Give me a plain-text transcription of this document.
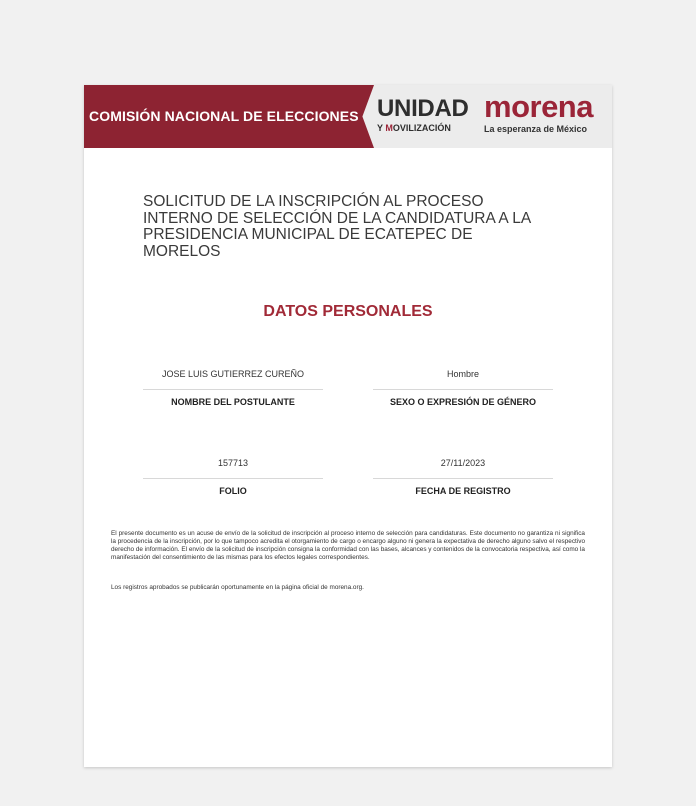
COMISIÓN NACIONAL DE ELECCIONES UNIDAD
Y MOVILIZACIÓN
morena
La esperanza de México
SOLICITUD DE LA INSCRIPCIÓN AL PROCESO INTERNO DE SELECCIÓN DE LA CANDIDATURA A LA PRESIDENCIA MUNICIPAL DE ECATEPEC DE MORELOS
DATOS PERSONALES
JOSE LUIS GUTIERREZ CUREÑO
NOMBRE DEL POSTULANTE
Hombre
SEXO O EXPRESIÓN DE GÉNERO
157713
FOLIO
27/11/2023
FECHA DE REGISTRO

El presente documento es un acuse de envío de la solicitud de inscripción al proceso interno de selección para candidaturas. Este documento no garantiza ni significa la procedencia de la inscripción, por lo que tampoco acredita el otorgamiento de cargo o encargo alguno ni genera la expectativa de derecho alguno salvo el respectivo derecho de información. El envío de la solicitud de inscripción consigna la conformidad con las bases, alcances y contenidos de la convocatoria respectiva, así como la manifestación del consentimiento de las mismas para los efectos legales correspondientes.

Los registros aprobados se publicarán oportunamente en la página oficial de morena.org.
